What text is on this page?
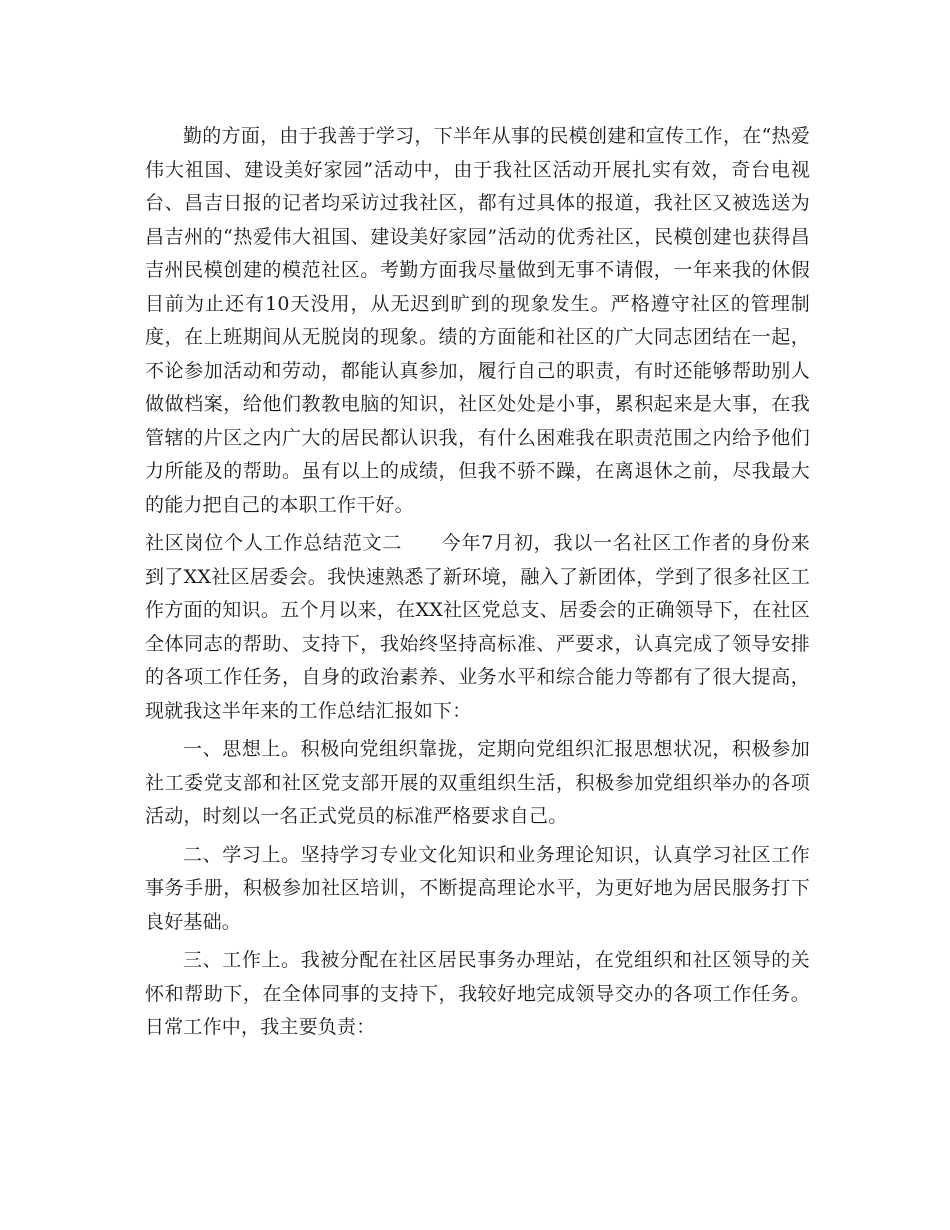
勤的方面，由于我善于学习，下半年从事的民模创建和宣传工作，在“热爱伟大祖国、建设美好家园”活动中，由于我社区活动开展扎实有效，奇台电视台、昌吉日报的记者均采访过我社区，都有过具体的报道，我社区又被选送为昌吉州的“热爱伟大祖国、建设美好家园”活动的优秀社区，民模创建也获得昌吉州民模创建的模范社区。考勤方面我尽量做到无事不请假，一年来我的休假目前为止还有10天没用，从无迟到旷到的现象发生。严格遵守社区的管理制度，在上班期间从无脱岗的现象。绩的方面能和社区的广大同志团结在一起，不论参加活动和劳动，都能认真参加，履行自己的职责，有时还能够帮助别人做做档案，给他们教教电脑的知识，社区处处是小事，累积起来是大事，在我管辖的片区之内广大的居民都认识我，有什么困难我在职责范围之内给予他们力所能及的帮助。虽有以上的成绩，但我不骄不躁，在离退休之前，尽我最大的能力把自己的本职工作干好。

社区岗位个人工作总结范文二　　今年7月初，我以一名社区工作者的身份来到了XX社区居委会。我快速熟悉了新环境，融入了新团体，学到了很多社区工作方面的知识。五个月以来，在XX社区党总支、居委会的正确领导下，在社区全体同志的帮助、支持下，我始终坚持高标准、严要求，认真完成了领导安排的各项工作任务，自身的政治素养、业务水平和综合能力等都有了很大提高，现就我这半年来的工作总结汇报如下：

一、思想上。积极向党组织靠拢，定期向党组织汇报思想状况，积极参加社工委党支部和社区党支部开展的双重组织生活，积极参加党组织举办的各项活动，时刻以一名正式党员的标准严格要求自己。

二、学习上。坚持学习专业文化知识和业务理论知识，认真学习社区工作事务手册，积极参加社区培训，不断提高理论水平，为更好地为居民服务打下良好基础。

三、工作上。我被分配在社区居民事务办理站，在党组织和社区领导的关怀和帮助下，在全体同事的支持下，我较好地完成领导交办的各项工作任务。日常工作中，我主要负责：
